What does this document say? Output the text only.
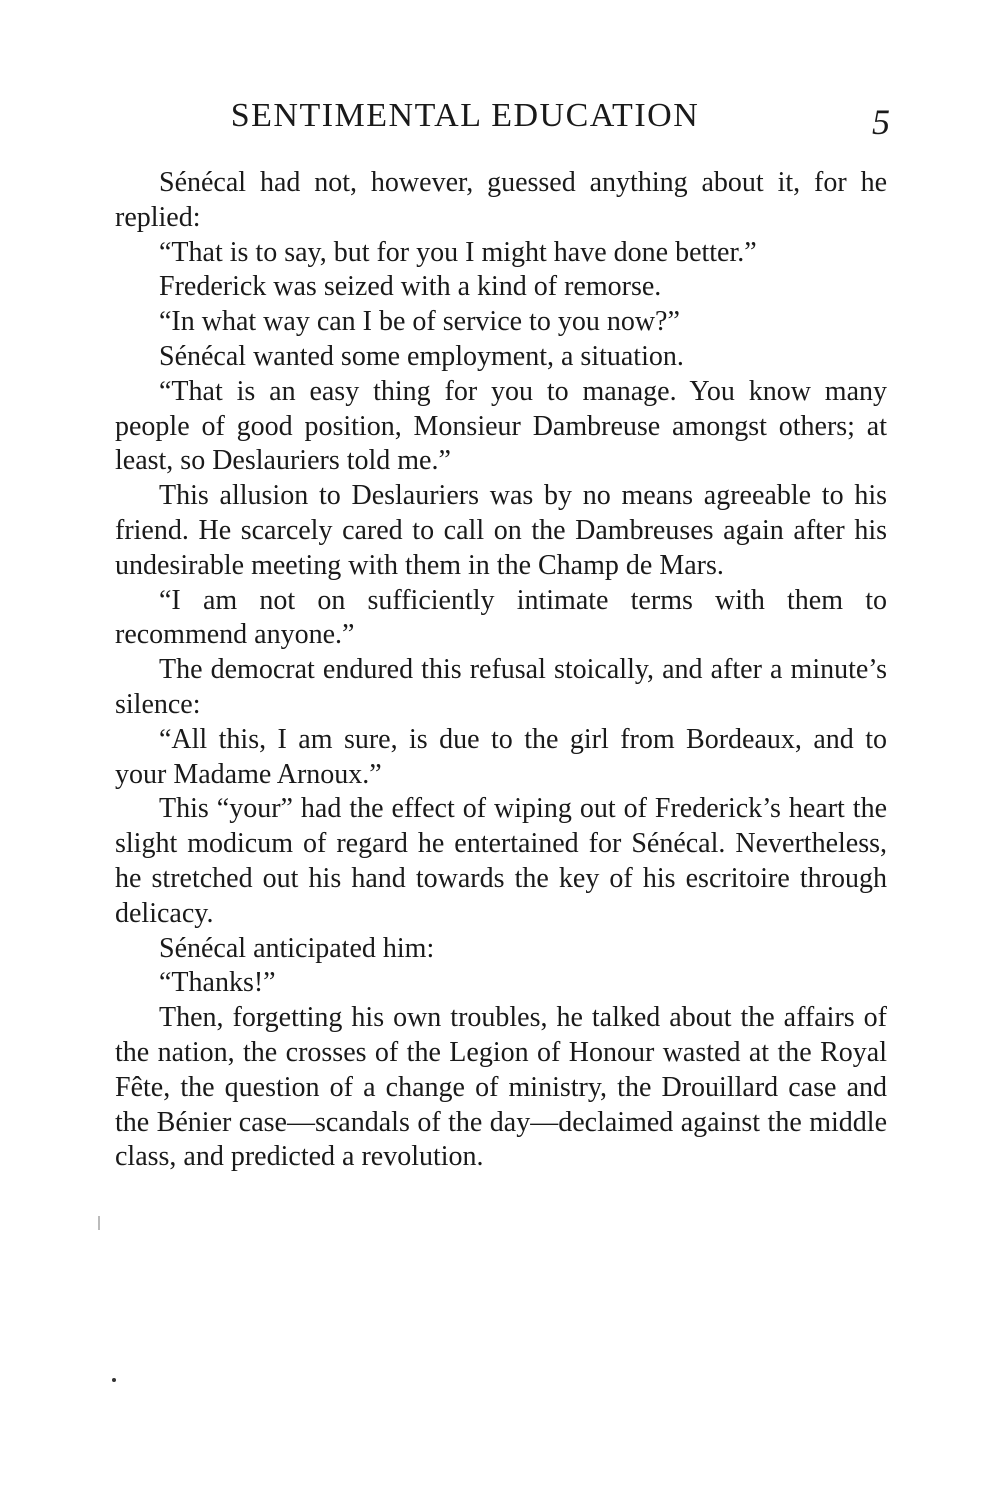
SENTIMENTAL EDUCATION	5

Sénécal had not, however, guessed anything about it, for he replied:

“That is to say, but for you I might have done better.”

Frederick was seized with a kind of remorse.

“In what way can I be of service to you now?”

Sénécal wanted some employment, a situation.

“That is an easy thing for you to manage. You know many people of good position, Monsieur Dambreuse amongst others; at least, so Deslauriers told me.”

This allusion to Deslauriers was by no means agreeable to his friend. He scarcely cared to call on the Dambreuses again after his undesirable meeting with them in the Champ de Mars.

“I am not on sufficiently intimate terms with them to recommend anyone.”

The democrat endured this refusal stoically, and after a minute’s silence:

“All this, I am sure, is due to the girl from Bordeaux, and to your Madame Arnoux.”

This “your” had the effect of wiping out of Frederick’s heart the slight modicum of regard he entertained for Sénécal. Nevertheless, he stretched out his hand towards the key of his escritoire through delicacy.

Sénécal anticipated him:

“Thanks!”

Then, forgetting his own troubles, he talked about the affairs of the nation, the crosses of the Legion of Honour wasted at the Royal Fête, the question of a change of ministry, the Drouillard case and the Bénier case—scandals of the day—declaimed against the middle class, and predicted a revolution.
